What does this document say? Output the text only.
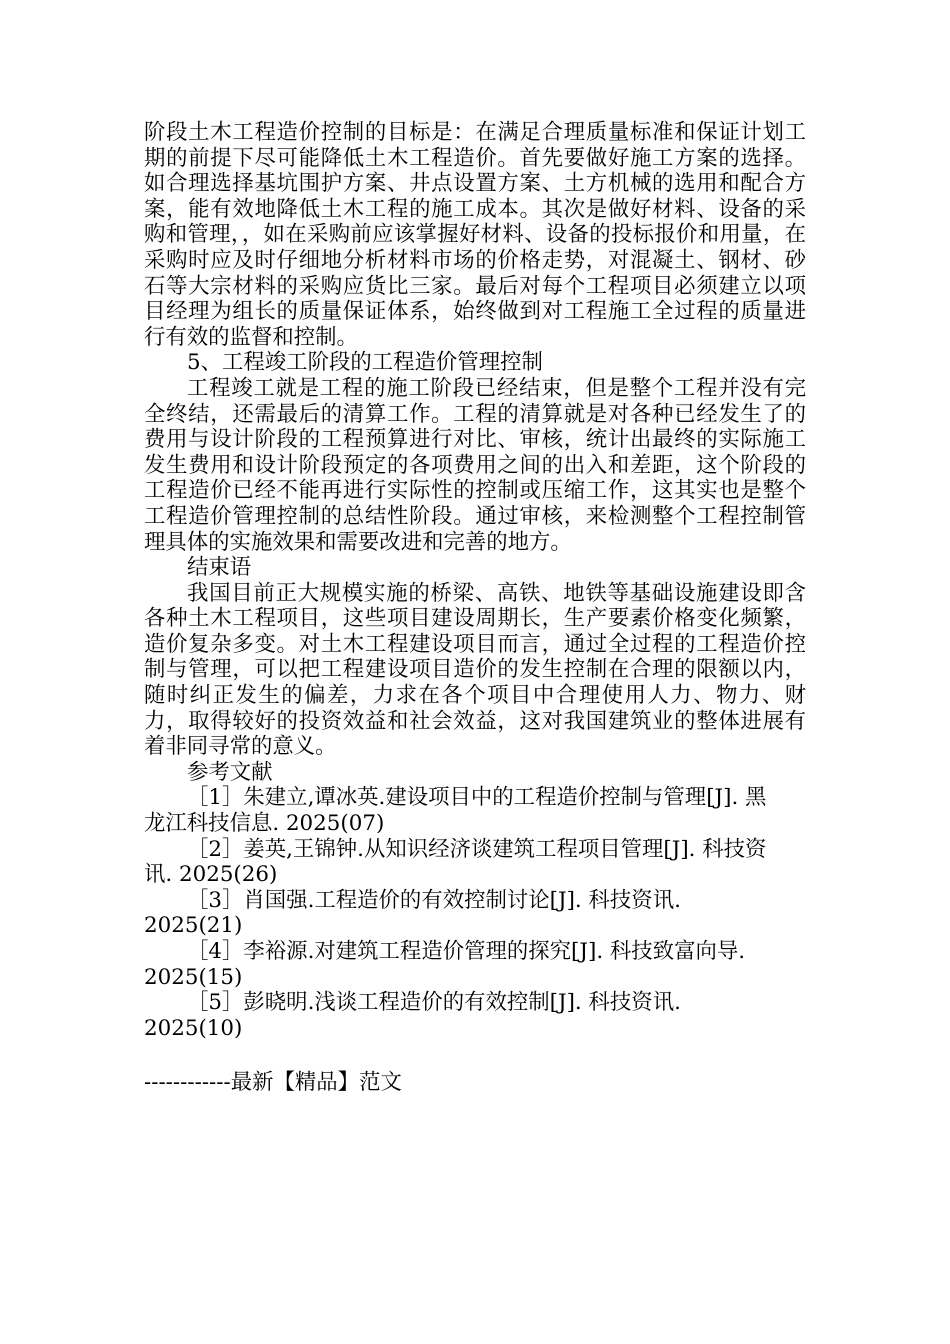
阶段土木工程造价控制的目标是：在满足合理质量标准和保证计划工期的前提下尽可能降低土木工程造价。首先要做好施工方案的选择。如合理选择基坑围护方案、井点设置方案、土方机械的选用和配合方案，能有效地降低土木工程的施工成本。其次是做好材料、设备的采购和管理，，如在采购前应该掌握好材料、设备的投标报价和用量，在采购时应及时仔细地分析材料市场的价格走势，对混凝土、钢材、砂石等大宗材料的采购应货比三家。最后对每个工程项目必须建立以项目经理为组长的质量保证体系，始终做到对工程施工全过程的质量进行有效的监督和控制。

5、工程竣工阶段的工程造价管理控制

工程竣工就是工程的施工阶段已经结束，但是整个工程并没有完全终结，还需最后的清算工作。工程的清算就是对各种已经发生了的费用与设计阶段的工程预算进行对比、审核，统计出最终的实际施工发生费用和设计阶段预定的各项费用之间的出入和差距，这个阶段的工程造价已经不能再进行实际性的控制或压缩工作，这其实也是整个工程造价管理控制的总结性阶段。通过审核，来检测整个工程控制管理具体的实施效果和需要改进和完善的地方。

结束语

我国目前正大规模实施的桥梁、高铁、地铁等基础设施建设即含各种土木工程项目，这些项目建设周期长，生产要素价格变化频繁，造价复杂多变。对土木工程建设项目而言，通过全过程的工程造价控制与管理，可以把工程建设项目造价的发生控制在合理的限额以内，随时纠正发生的偏差，力求在各个项目中合理使用人力、物力、财力，取得较好的投资效益和社会效益，这对我国建筑业的整体进展有着非同寻常的意义。

参考文献

［1］朱建立,谭冰英.建设项目中的工程造价控制与管理[J]. 黑
龙江科技信息. 2025(07)
［2］姜英,王锦钟.从知识经济谈建筑工程项目管理[J]. 科技资
讯. 2025(26)
［3］肖国强.工程造价的有效控制讨论[J]. 科技资讯.
2025(21)
［4］李裕源.对建筑工程造价管理的探究[J]. 科技致富向导.
2025(15)
［5］彭晓明.浅谈工程造价的有效控制[J]. 科技资讯.
2025(10)
------------最新【精品】范文
